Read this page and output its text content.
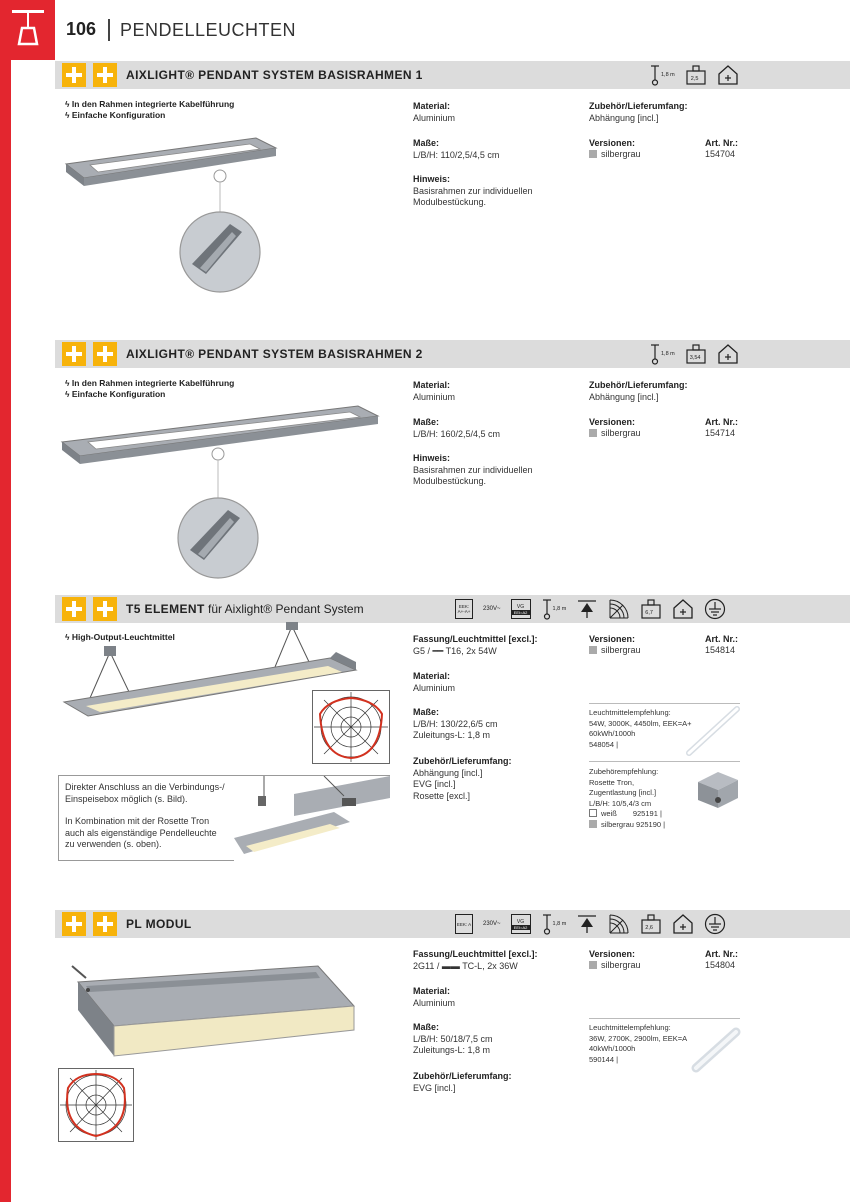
106 PENDELLEUCHTEN
AIXLIGHT® PENDANT SYSTEM BASISRAHMEN 1	1,8 m
2,5
ϟ In den Rahmen integrierte Kabelführung
ϟ Einfache Konfiguration
Material:
Aluminium
Maße:
L/B/H: 110/2,5/4,5 cm
Hinweis:
Basisrahmen zur individuellen
Modulbestückung.
Zubehör/Lieferumfang:
Abhängung [incl.]
Versionen:	Art. Nr.:
silbergrau	154704
AIXLIGHT® PENDANT SYSTEM BASISRAHMEN 2	1,8 m
3,54
ϟ In den Rahmen integrierte Kabelführung
ϟ Einfache Konfiguration
Material:
Aluminium
Maße:
L/B/H: 160/2,5/4,5 cm
Hinweis:
Basisrahmen zur individuellen
Modulbestückung.
Zubehör/Lieferumfang:
Abhängung [incl.]
Versionen:	Art. Nr.:
silbergrau	154714
T5 ELEMENT für Aixlight® Pendant System	EEK: A+-A+	230V~	VG
EEI=A2	1,8 m
6,7
ϟ High-Output-Leuchtmittel	Fassung/Leuchtmittel [excl.]:
G5 / ━━ T16, 2x 54W
Material:
Aluminium
Maße:
L/B/H: 130/22,6/5 cm
Zuleitungs-L: 1,8 m
Zubehör/Lieferumfang:
Abhängung [incl.]
EVG [incl.]
Rosette [excl.]
Versionen:	Art. Nr.:
silbergrau	154814
Leuchtmittelempfehlung:
54W, 3000K, 4450lm, EEK=A+
60kWh/1000h
548054 |
Zubehörempfehlung:
Rosette Tron,
Zugentlastung [incl.]
L/B/H: 10/5,4/3 cm
weiß 925191 |
silbergrau 925190 |
Direkter Anschluss an die Verbindungs-/
Einspeisebox möglich (s. Bild).
In Kombination mit der Rosette Tron
auch als eigenständige Pendelleuchte
zu verwenden (s. oben).
PL MODUL	EEK: A	230V~	VG
EEI=A2	1,8 m
2,6
Fassung/Leuchtmittel [excl.]:
2G11 / ▬▬ TC-L, 2x 36W
Material:
Aluminium
Maße:
L/B/H: 50/18/7,5 cm
Zuleitungs-L: 1,8 m
Zubehör/Lieferumfang:
EVG [incl.]
Versionen:	Art. Nr.:
silbergrau	154804
Leuchtmittelempfehlung:
36W, 2700K, 2900lm, EEK=A
40kWh/1000h
590144 |
